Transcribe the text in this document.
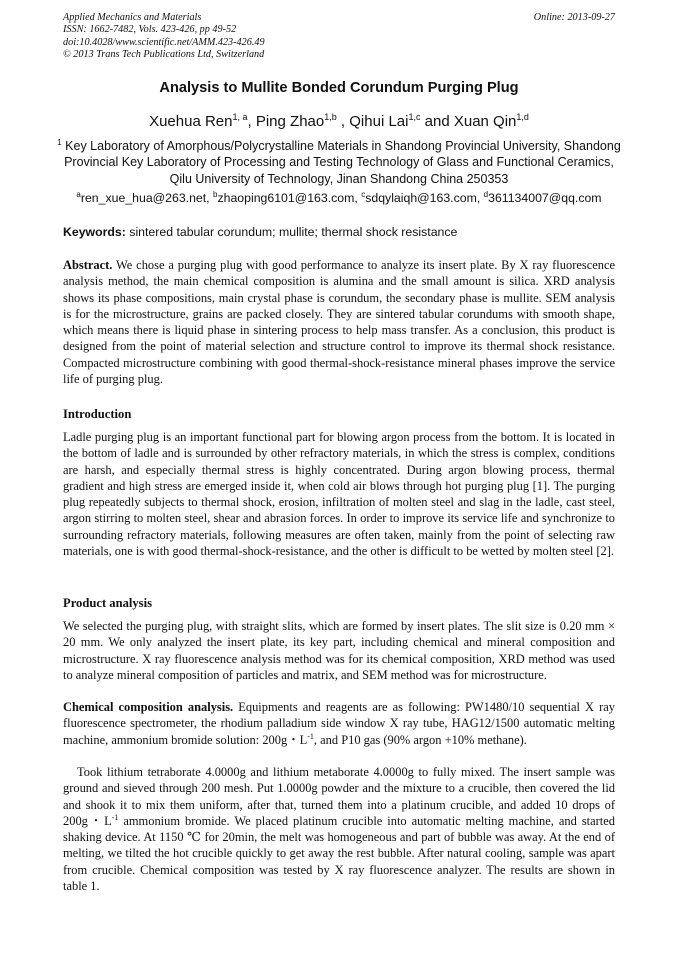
Applied Mechanics and Materials
ISSN: 1662-7482, Vols. 423-426, pp 49-52
doi:10.4028/www.scientific.net/AMM.423-426.49
© 2013 Trans Tech Publications Ltd, Switzerland
Online: 2013-09-27
Analysis to Mullite Bonded Corundum Purging Plug
Xuehua Ren$^{1, a}$, Ping Zhao$^{1,b}$ , Qihui Lai$^{1,c}$ and Xuan Qin$^{1,d}$
$^1$ Key Laboratory of Amorphous/Polycrystalline Materials in Shandong Provincial University, Shandong Provincial Key Laboratory of Processing and Testing Technology of Glass and Functional Ceramics, Qilu University of Technology, Jinan Shandong China 250353
$^a$ren_xue_hua@263.net, $^b$zhaoping6101@163.com, $^c$sdqylaiqh@163.com, $^d$361134007@qq.com
Keywords: sintered tabular corundum; mullite; thermal shock resistance
Abstract. We chose a purging plug with good performance to analyze its insert plate. By X ray fluorescence analysis method, the main chemical composition is alumina and the small amount is silica. XRD analysis shows its phase compositions, main crystal phase is corundum, the secondary phase is mullite. SEM analysis is for the microstructure, grains are packed closely. They are sintered tabular corundums with smooth shape, which means there is liquid phase in sintering process to help mass transfer. As a conclusion, this product is designed from the point of material selection and structure control to improve its thermal shock resistance. Compacted microstructure combining with good thermal-shock-resistance mineral phases improve the service life of purging plug.
Introduction
Ladle purging plug is an important functional part for blowing argon process from the bottom. It is located in the bottom of ladle and is surrounded by other refractory materials, in which the stress is complex, conditions are harsh, and especially thermal stress is highly concentrated. During argon blowing process, thermal gradient and high stress are emerged inside it, when cold air blows through hot purging plug [1]. The purging plug repeatedly subjects to thermal shock, erosion, infiltration of molten steel and slag in the ladle, cast steel, argon stirring to molten steel, shear and abrasion forces. In order to improve its service life and synchronize to surrounding refractory materials, following measures are often taken, mainly from the point of selecting raw materials, one is with good thermal-shock-resistance, and the other is difficult to be wetted by molten steel [2].
Product analysis
We selected the purging plug, with straight slits, which are formed by insert plates. The slit size is 0.20 mm × 20 mm. We only analyzed the insert plate, its key part, including chemical and mineral composition and microstructure. X ray fluorescence analysis method was for its chemical composition, XRD method was used to analyze mineral composition of particles and matrix, and SEM method was for microstructure.
Chemical composition analysis. Equipments and reagents are as following: PW1480/10 sequential X ray fluorescence spectrometer, the rhodium palladium side window X ray tube, HAG12/1500 automatic melting machine, ammonium bromide solution: 200g・$L^{-1}$, and P10 gas (90% argon +10% methane).
Took lithium tetraborate 4.0000g and lithium metaborate 4.0000g to fully mixed. The insert sample was ground and sieved through 200 mesh. Put 1.0000g powder and the mixture to a crucible, then covered the lid and shook it to mix them uniform, after that, turned them into a platinum crucible, and added 10 drops of 200g・$L^{-1}$ ammonium bromide. We placed platinum crucible into automatic melting machine, and started shaking device. At 1150 ℃ for 20min, the melt was homogeneous and part of bubble was away. At the end of melting, we tilted the hot crucible quickly to get away the rest bubble. After natural cooling, sample was apart from crucible. Chemical composition was tested by X ray fluorescence analyzer. The results are shown in table 1.
